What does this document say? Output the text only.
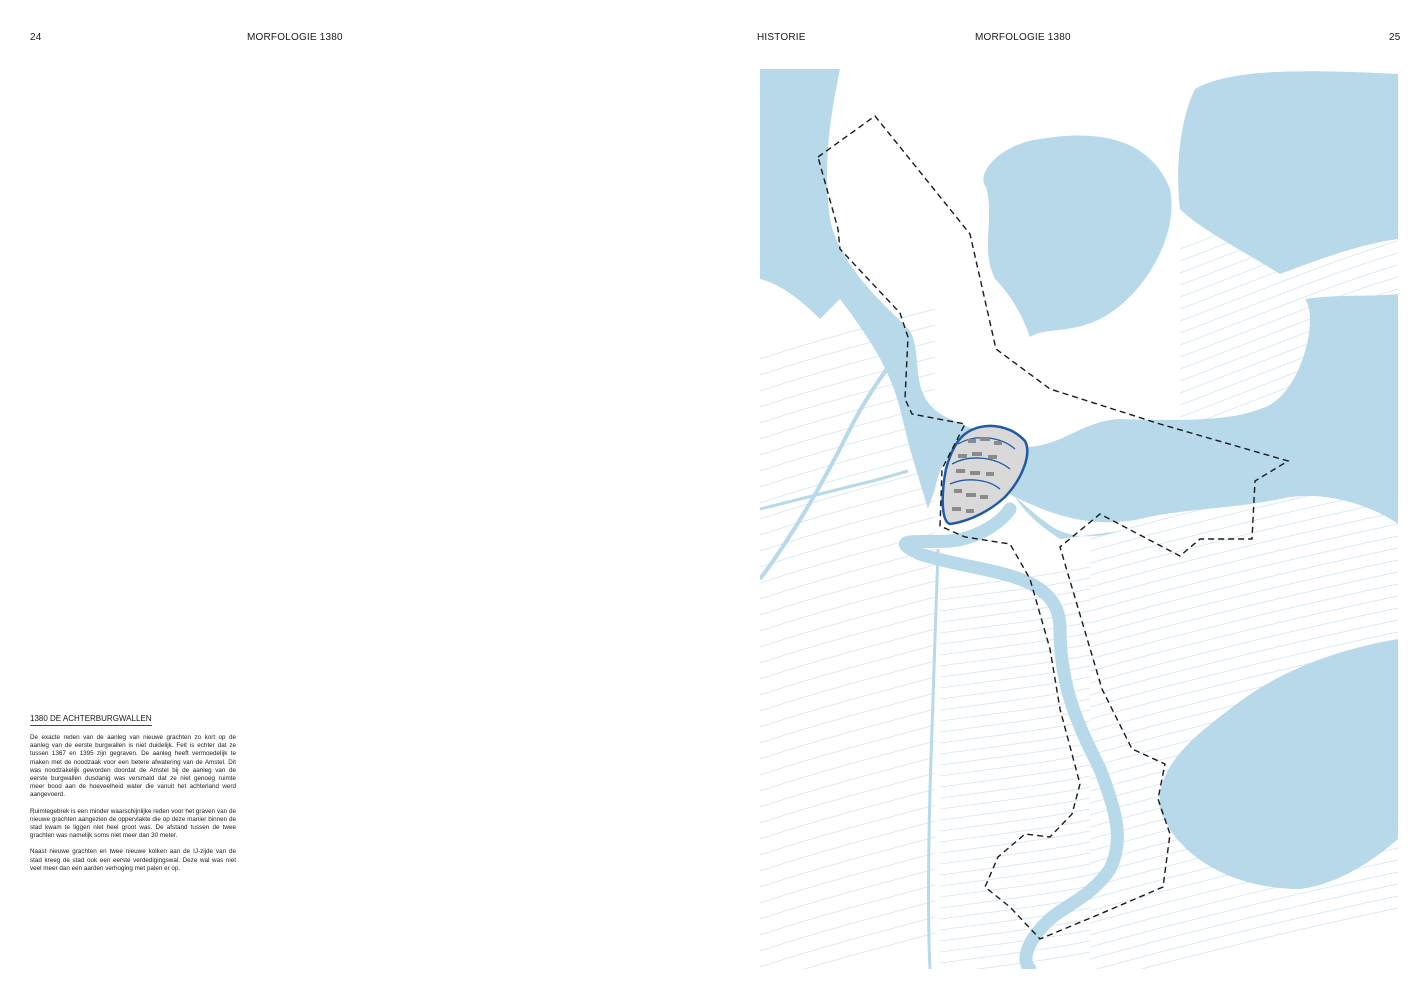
24	MORFOLOGIE 1380	HISTORIE	MORFOLOGIE 1380	25
1380 DE ACHTERBURGWALLEN

De exacte reden van de aanleg van nieuwe grachten zo kort op de aanleg van de eerste burgwallen is niet duidelijk. Feit is echter dat ze tussen 1367 en 1395 zijn gegraven. De aanleg heeft vermoedelijk te maken met de noodzaak voor een betere afwatering van de Amstel. Dit was noodzakelijk geworden doordat de Amstel bij de aanleg van de eerste burgwallen dusdanig was versmald dat ze niet genoeg ruimte meer bood aan de hoeveelheid water die vanuit het achterland werd aangevoerd.

Ruimtegebrek is een minder waarschijnlijke reden voor het graven van de nieuwe grachten aangezien de oppervlakte die op deze manier binnen de stad kwam te liggen niet heel groot was. De afstand tussen de twee grachten was namelijk soms niet meer dan 30 meter.

Naast nieuwe grachten en twee nieuwe kolken aan de IJ-zijde van de stad kreeg de stad ook een eerste verdedigingswal. Deze wal was niet veel meer dan een aarden verhoging met palen er op.
